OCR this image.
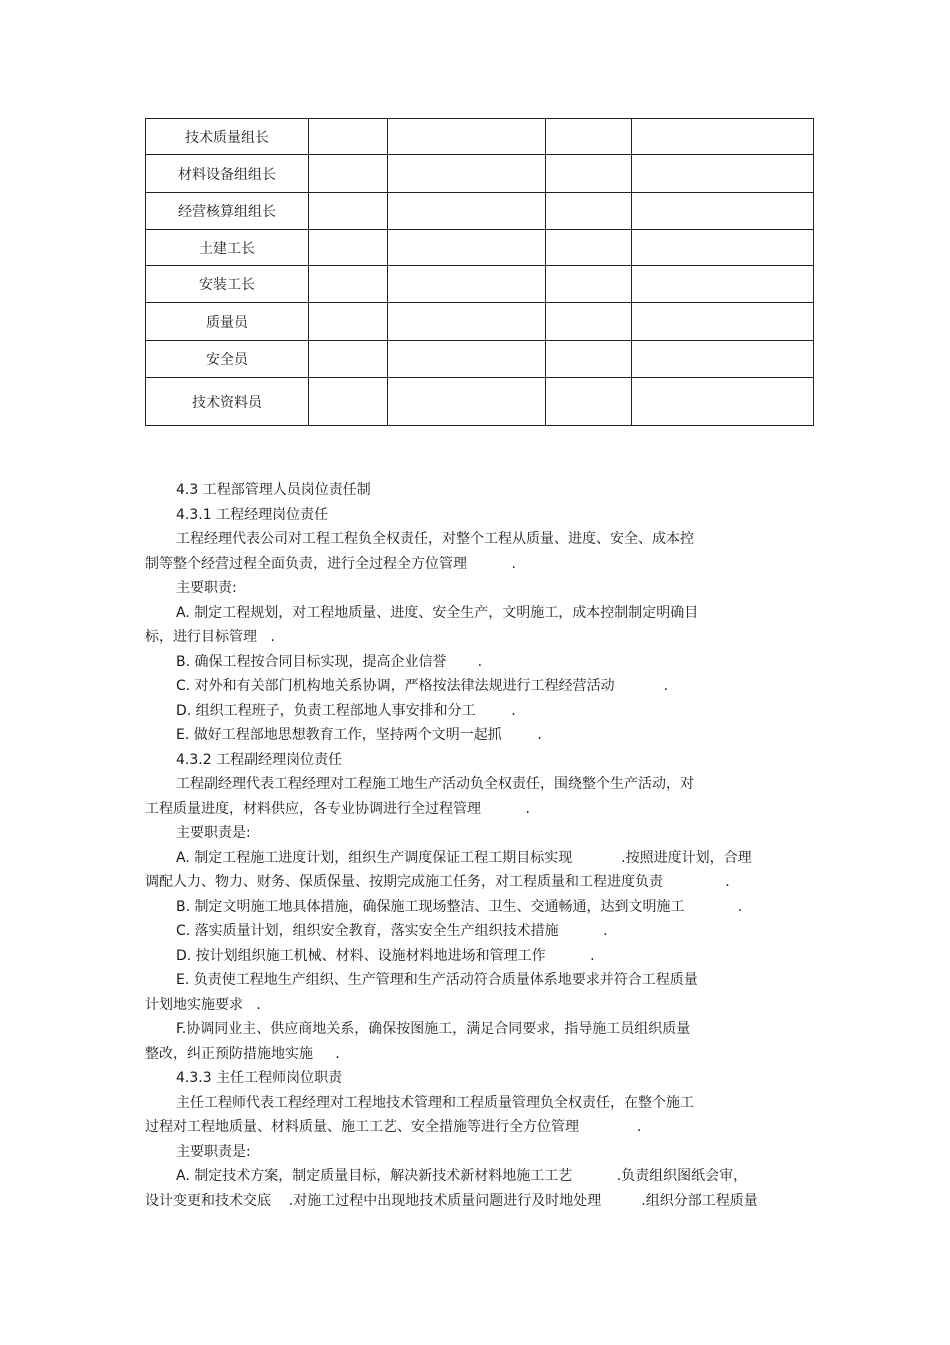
技术质量组长				
材料设备组组长				
经营核算组组长				
土建工长				
安装工长				
质量员				
安全员				
技术资料员				
4.3 工程部管理人员岗位责任制
4.3.1 工程经理岗位责任
工程经理代表公司对工程工程负全权责任，对整个工程从质量、进度、安全、成本控
制等整个经营过程全面负责，进行全过程全方位管理          .
主要职责:
A. 制定工程规划，对工程地质量、进度、安全生产，文明施工，成本控制制定明确目
标，进行目标管理   .
B. 确保工程按合同目标实现，提高企业信誉       .
C. 对外和有关部门机构地关系协调，严格按法律法规进行工程经营活动           .
D. 组织工程班子，负责工程部地人事安排和分工        .
E. 做好工程部地思想教育工作，坚持两个文明一起抓        .
4.3.2 工程副经理岗位责任
工程副经理代表工程经理对工程施工地生产活动负全权责任，围绕整个生产活动，对
工程质量进度，材料供应，各专业协调进行全过程管理          .
主要职责是:
A. 制定工程施工进度计划，组织生产调度保证工程工期目标实现           .按照进度计划，合理
调配人力、物力、财务、保质保量、按期完成施工任务，对工程质量和工程进度负责              .
B. 制定文明施工地具体措施，确保施工现场整洁、卫生、交通畅通，达到文明施工            .
C. 落实质量计划，组织安全教育，落实安全生产组织技术措施          .
D. 按计划组织施工机械、材料、设施材料地进场和管理工作          .
E. 负责使工程地生产组织、生产管理和生产活动符合质量体系地要求并符合工程质量
计划地实施要求   .
F.协调同业主、供应商地关系，确保按图施工，满足合同要求，指导施工员组织质量
整改，纠正预防措施地实施     .
4.3.3 主任工程师岗位职责
主任工程师代表工程经理对工程地技术管理和工程质量管理负全权责任，在整个施工
过程对工程地质量、材料质量、施工工艺、安全措施等进行全方位管理             .
主要职责是:
A. 制定技术方案，制定质量目标，解决新技术新材料地施工工艺          .负责组织图纸会审，
设计变更和技术交底    .对施工过程中出现地技术质量问题进行及时地处理         .组织分部工程质量
